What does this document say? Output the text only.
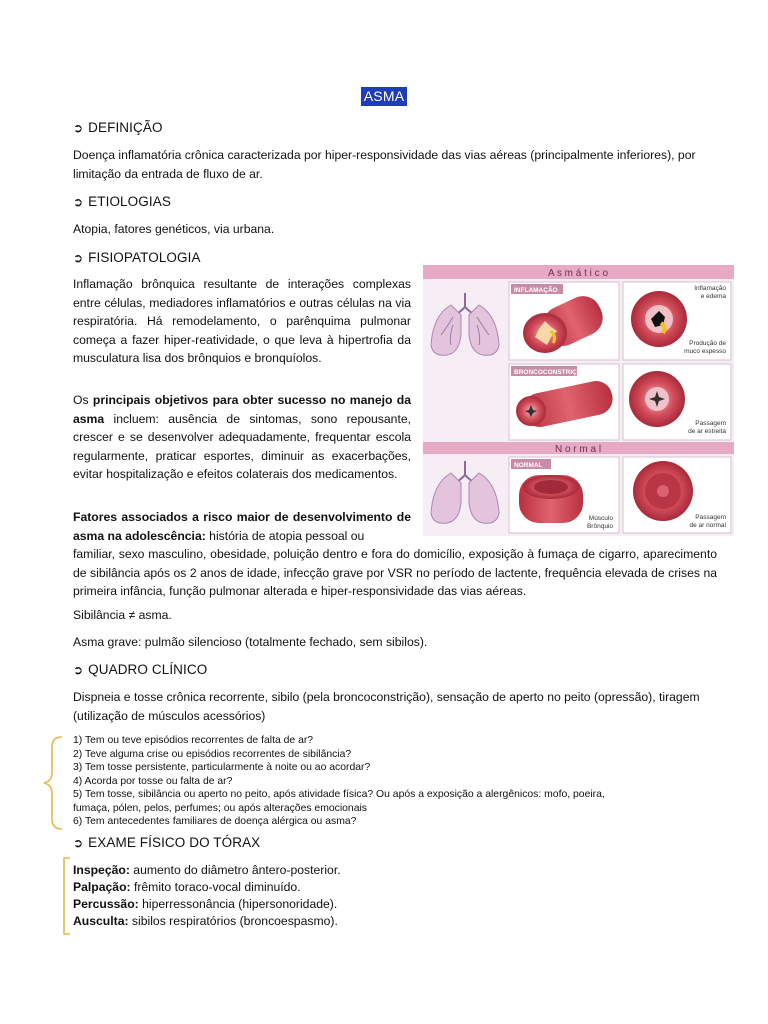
ASMA
➲ DEFINIÇÃO
Doença inflamatória crônica caracterizada por hiper-responsividade das vias aéreas (principalmente inferiores), por limitação da entrada de fluxo de ar.
➲ ETIOLOGIAS
Atopia, fatores genéticos, via urbana.
➲ FISIOPATOLOGIA
Inflamação brônquica resultante de interações complexas entre células, mediadores inflamatórios e outras células na via respiratória. Há remodelamento, o parênquima pulmonar começa a fazer hiper-reatividade, o que leva à hipertrofia da musculatura lisa dos brônquios e bronquíolos.
Os principais objetivos para obter sucesso no manejo da asma incluem: ausência de sintomas, sono repousante, crescer e se desenvolver adequadamente, frequentar escola regularmente, praticar esportes, diminuir as exacerbações, evitar hospitalização e efeitos colaterais dos medicamentos.
Fatores associados a risco maior de desenvolvimento de asma na adolescência: história de atopia pessoal ou
familiar, sexo masculino, obesidade, poluição dentro e fora do domicílio, exposição à fumaça de cigarro, aparecimento de sibilância após os 2 anos de idade, infecção grave por VSR no período de lactente, frequência elevada de crises na primeira infância, função pulmonar alterada e hiper-responsividade das vias aéreas.
Sibilância ≠ asma.
Asma grave: pulmão silencioso (totalmente fechado, sem sibilos).
➲ QUADRO CLÍNICO
Dispneia e tosse crônica recorrente, sibilo (pela broncoconstrição), sensação de aperto no peito (opressão), tiragem (utilização de músculos acessórios)
1) Tem ou teve episódios recorrentes de falta de ar?
2) Teve alguma crise ou episódios recorrentes de sibilância?
3) Tem tosse persistente, particularmente à noite ou ao acordar?
4) Acorda por tosse ou falta de ar?
5) Tem tosse, sibilância ou aperto no peito, após atividade física? Ou após a exposição a alergênicos: mofo, poeira,
fumaça, pólen, pelos, perfumes; ou após alterações emocionais
6) Tem antecedentes familiares de doença alérgica ou asma?
➲ EXAME FÍSICO DO TÓRAX
Inspeção: aumento do diâmetro ântero-posterior.
Palpação: frêmito toraco-vocal diminuído.
Percussão: hiperressonância (hipersonoridade).
Ausculta: sibilos respiratórios (broncoespasmo).
A s m á t i c o
INFLAMAÇÃO	Inflamação
e edema
Produção de
muco espesso
BRONCOCONSTRIÇÃO
Passagem
de ar estreita
N o r m a l
NORMAL
Músculo
Brônquio
Passagem
de ar normal
